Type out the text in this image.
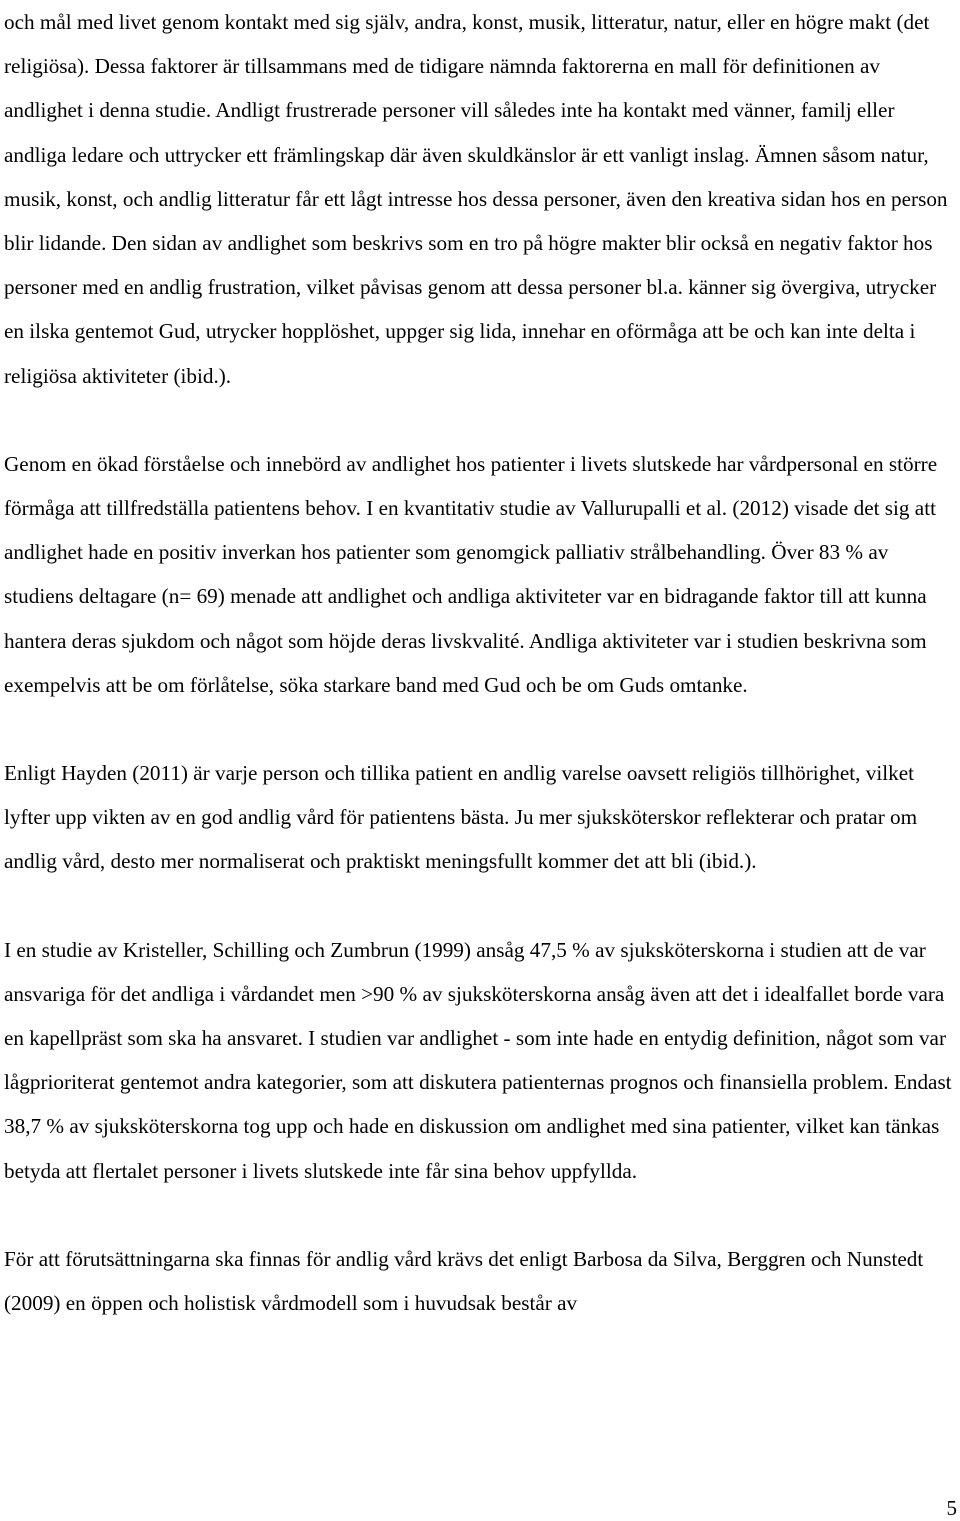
och mål med livet genom kontakt med sig själv, andra, konst, musik, litteratur, natur, eller en högre makt (det religiösa). Dessa faktorer är tillsammans med de tidigare nämnda faktorerna en mall för definitionen av andlighet i denna studie. Andligt frustrerade personer vill således inte ha kontakt med vänner, familj eller andliga ledare och uttrycker ett främlingskap där även skuldkänslor är ett vanligt inslag. Ämnen såsom natur, musik, konst, och andlig litteratur får ett lågt intresse hos dessa personer, även den kreativa sidan hos en person blir lidande. Den sidan av andlighet som beskrivs som en tro på högre makter blir också en negativ faktor hos personer med en andlig frustration, vilket påvisas genom att dessa personer bl.a. känner sig övergiva, utrycker en ilska gentemot Gud, utrycker hopplöshet, uppger sig lida, innehar en oförmåga att be och kan inte delta i religiösa aktiviteter (ibid.).

Genom en ökad förståelse och innebörd av andlighet hos patienter i livets slutskede har vårdpersonal en större förmåga att tillfredställa patientens behov. I en kvantitativ studie av Vallurupalli et al. (2012) visade det sig att andlighet hade en positiv inverkan hos patienter som genomgick palliativ strålbehandling. Över 83 % av studiens deltagare (n= 69) menade att andlighet och andliga aktiviteter var en bidragande faktor till att kunna hantera deras sjukdom och något som höjde deras livskvalité. Andliga aktiviteter var i studien beskrivna som exempelvis att be om förlåtelse, söka starkare band med Gud och be om Guds omtanke.

Enligt Hayden (2011) är varje person och tillika patient en andlig varelse oavsett religiös tillhörighet, vilket lyfter upp vikten av en god andlig vård för patientens bästa. Ju mer sjuksköterskor reflekterar och pratar om andlig vård, desto mer normaliserat och praktiskt meningsfullt kommer det att bli (ibid.).

I en studie av Kristeller, Schilling och Zumbrun (1999) ansåg 47,5 % av sjuksköterskorna i studien att de var ansvariga för det andliga i vårdandet men >90 % av sjuksköterskorna ansåg även att det i idealfallet borde vara en kapellpräst som ska ha ansvaret. I studien var andlighet - som inte hade en entydig definition, något som var lågprioriterat gentemot andra kategorier, som att diskutera patienternas prognos och finansiella problem. Endast 38,7 % av sjuksköterskorna tog upp och hade en diskussion om andlighet med sina patienter, vilket kan tänkas betyda att flertalet personer i livets slutskede inte får sina behov uppfyllda.

För att förutsättningarna ska finnas för andlig vård krävs det enligt Barbosa da Silva, Berggren och Nunstedt (2009) en öppen och holistisk vårdmodell som i huvudsak består av

5
